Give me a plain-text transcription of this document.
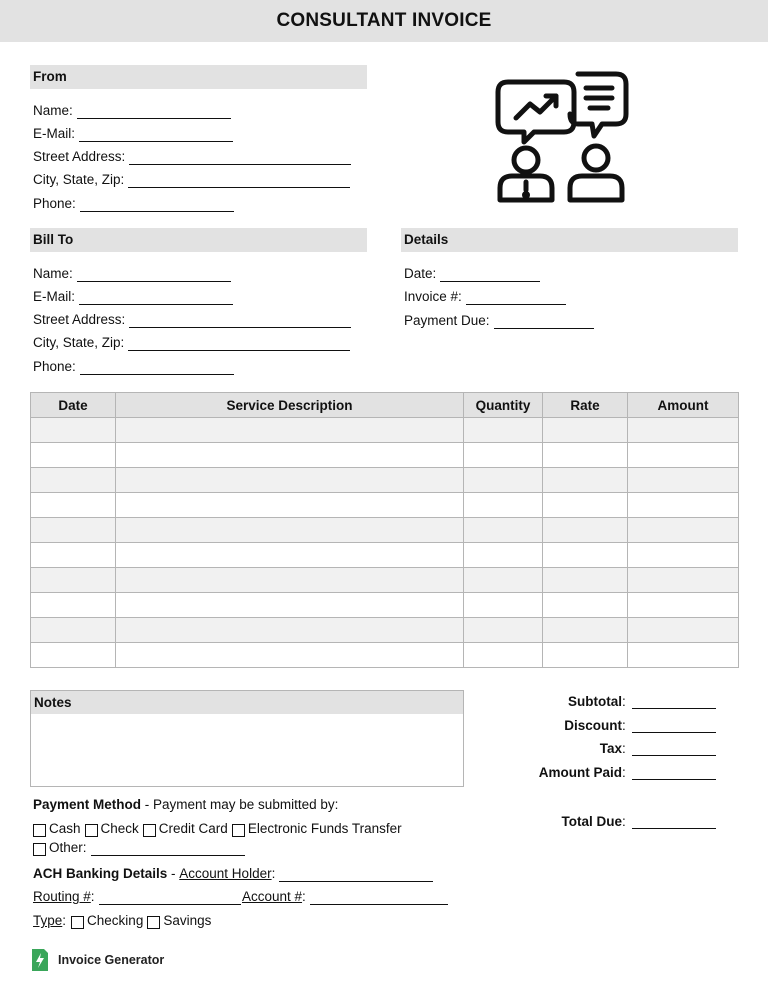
CONSULTANT INVOICE
From
Name:
E-Mail:
Street Address:
City, State, Zip:
Phone:
Bill To
Name:
E-Mail:
Street Address:
City, State, Zip:
Phone:
Details
Date:
Invoice #:
Payment Due:
Date	Service Description	Quantity	Rate	Amount

Notes	Subtotal :
Discount :
Tax :
Amount Paid :
Total Due :
Payment Method - Payment may be submitted by:
Cash Check Credit Card Electronic Funds Transfer
Other:
ACH Banking Details - Account Holder :
Routing # :	Account # :
Type : Checking Savings
Invoice Generator
